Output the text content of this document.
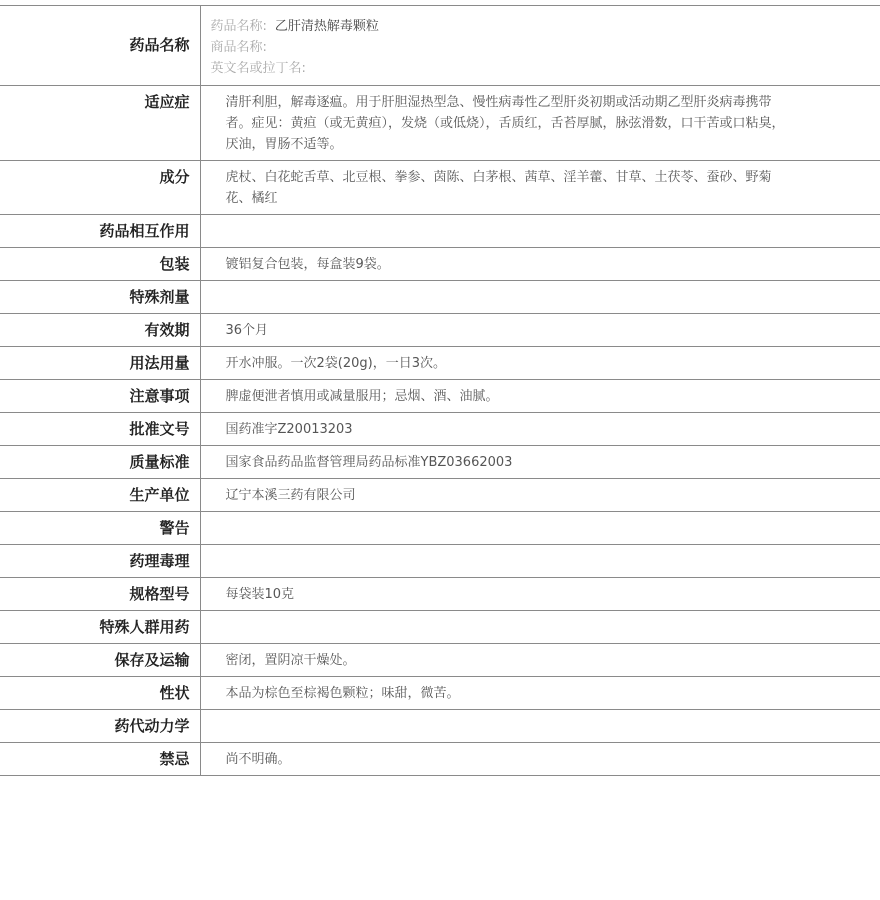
药品名称	药品名称: 乙肝清热解毒颗粒
商品名称:
英文名或拉丁名:

适应症	清肝利胆，解毒逐瘟。用于肝胆湿热型急、慢性病毒性乙型肝炎初期或活动期乙型肝炎病毒携带者。症见：黄疸（或无黄疸），发烧（或低烧），舌质红，舌苔厚腻，脉弦滑数，口干苦或口粘臭，厌油，胃肠不适等。
成分	虎杖、白花蛇舌草、北豆根、拳参、茵陈、白茅根、茜草、淫羊藿、甘草、土茯苓、蚕砂、野菊花、橘红
药品相互作用	
包装	镀铝复合包装，每盒装9袋。
特殊剂量	
有效期	36个月
用法用量	开水冲服。一次2袋(20g)，一日3次。
注意事项	脾虚便泄者慎用或减量服用；忌烟、酒、油腻。
批准文号	国药准字Z20013203
质量标准	国家食品药品监督管理局药品标准YBZ03662003
生产单位	辽宁本溪三药有限公司
警告	
药理毒理	
规格型号	每袋装10克
特殊人群用药	
保存及运输	密闭，置阴凉干燥处。
性状	本品为棕色至棕褐色颗粒；味甜，微苦。
药代动力学	
禁忌	尚不明确。
